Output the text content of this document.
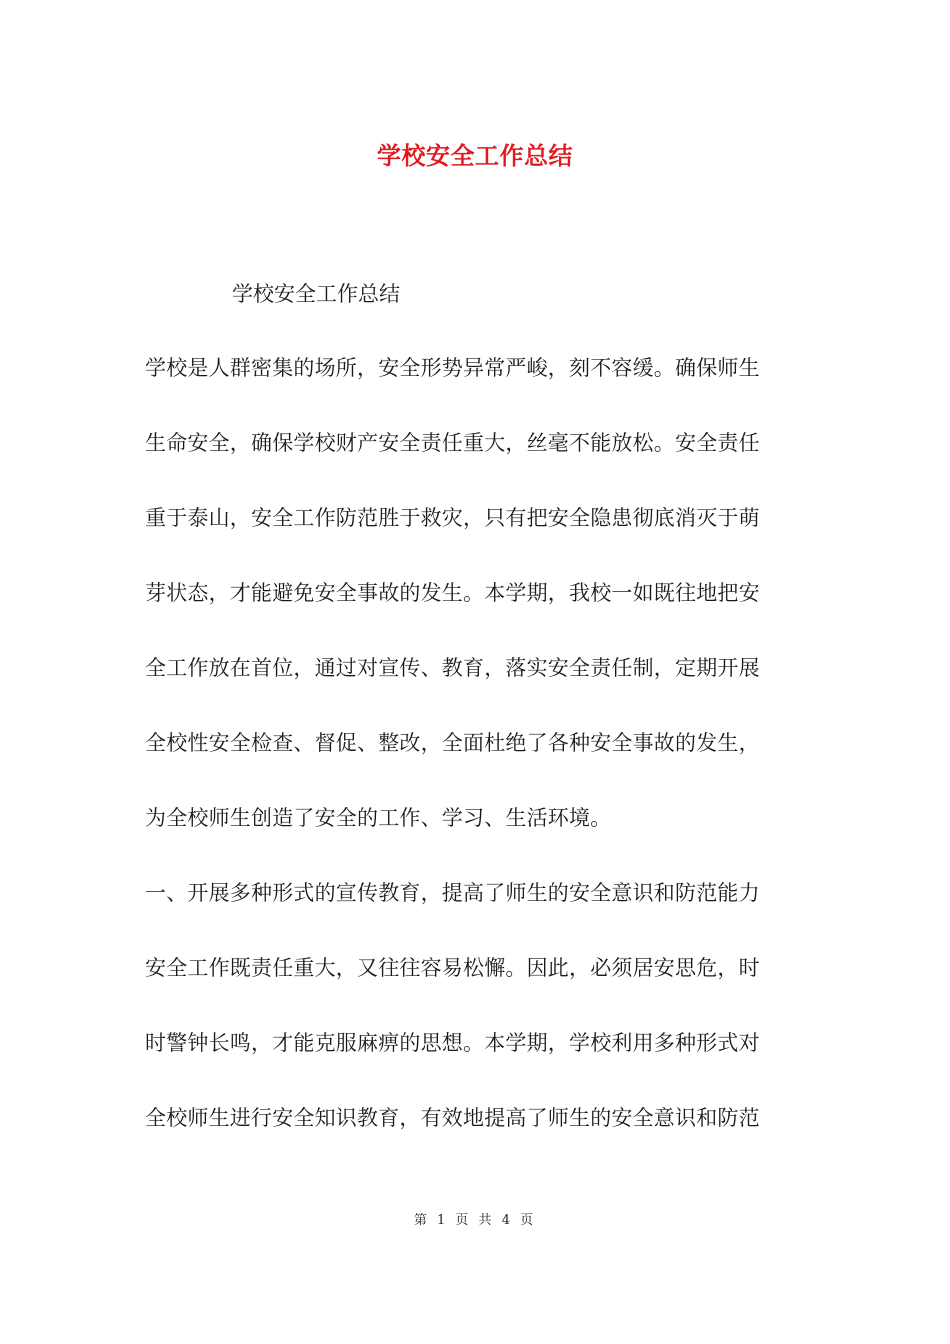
学校安全工作总结
学校安全工作总结
学校是人群密集的场所，安全形势异常严峻，刻不容缓。确保师生
生命安全，确保学校财产安全责任重大，丝毫不能放松。安全责任
重于泰山，安全工作防范胜于救灾，只有把安全隐患彻底消灭于萌
芽状态，才能避免安全事故的发生。本学期，我校一如既往地把安
全工作放在首位，通过对宣传、教育，落实安全责任制，定期开展
全校性安全检查、督促、整改，全面杜绝了各种安全事故的发生，
为全校师生创造了安全的工作、学习、生活环境。
一、开展多种形式的宣传教育，提高了师生的安全意识和防范能力
安全工作既责任重大，又往往容易松懈。因此，必须居安思危，时
时警钟长鸣，才能克服麻痹的思想。本学期，学校利用多种形式对
全校师生进行安全知识教育，有效地提高了师生的安全意识和防范
第 1 页 共 4 页
